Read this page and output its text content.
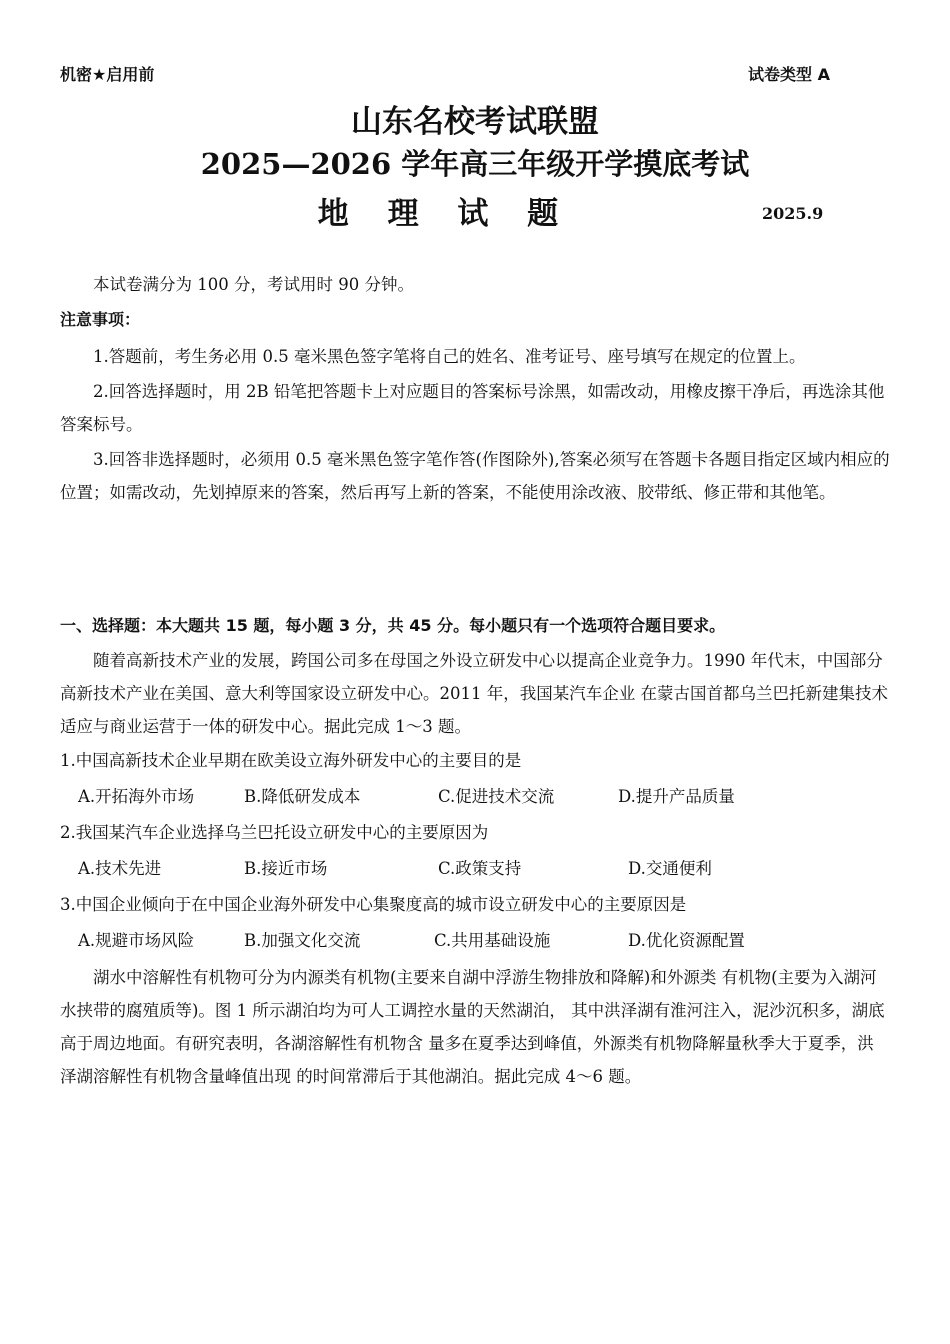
机密★启用前	试卷类型 A
山东名校考试联盟
2025—2026 学年高三年级开学摸底考试
地 理 试 题	2025.9

本试卷满分为 100 分，考试用时 90 分钟。

注意事项：

1.答题前，考生务必用 0.5 毫米黑色签字笔将自己的姓名、准考证号、座号填写在规定的位置上。

2.回答选择题时，用 2B 铅笔把答题卡上对应题目的答案标号涂黑，如需改动，用橡皮擦干净后，再选涂其他答案标号。

3.回答非选择题时，必须用 0.5 毫米黑色签字笔作答(作图除外),答案必须写在答题卡各题目指定区域内相应的位置；如需改动，先划掉原来的答案，然后再写上新的答案，不能使用涂改液、胶带纸、修正带和其他笔。

一、选择题：本大题共 15 题，每小题 3 分，共 45 分。每小题只有一个选项符合题目要求。

随着高新技术产业的发展，跨国公司多在母国之外设立研发中心以提高企业竞争力。1990 年代末，中国部分高新技术产业在美国、意大利等国家设立研发中心。2011 年，我国某汽车企业 在蒙古国首都乌兰巴托新建集技术适应与商业运营于一体的研发中心。据此完成 1～3 题。

1.中国高新技术企业早期在欧美设立海外研发中心的主要目的是
A.开拓海外市场	B.降低研发成本	C.促进技术交流	D.提升产品质量
2.我国某汽车企业选择乌兰巴托设立研发中心的主要原因为
A.技术先进	B.接近市场	C.政策支持	D.交通便利
3.中国企业倾向于在中国企业海外研发中心集聚度高的城市设立研发中心的主要原因是
A.规避市场风险	B.加强文化交流	C.共用基础设施	D.优化资源配置

湖水中溶解性有机物可分为内源类有机物(主要来自湖中浮游生物排放和降解)和外源类 有机物(主要为入湖河水挟带的腐殖质等)。图 1 所示湖泊均为可人工调控水量的天然湖泊， 其中洪泽湖有淮河注入，泥沙沉积多，湖底高于周边地面。有研究表明，各湖溶解性有机物含 量多在夏季达到峰值，外源类有机物降解量秋季大于夏季，洪泽湖溶解性有机物含量峰值出现 的时间常滞后于其他湖泊。据此完成 4～6 题。
